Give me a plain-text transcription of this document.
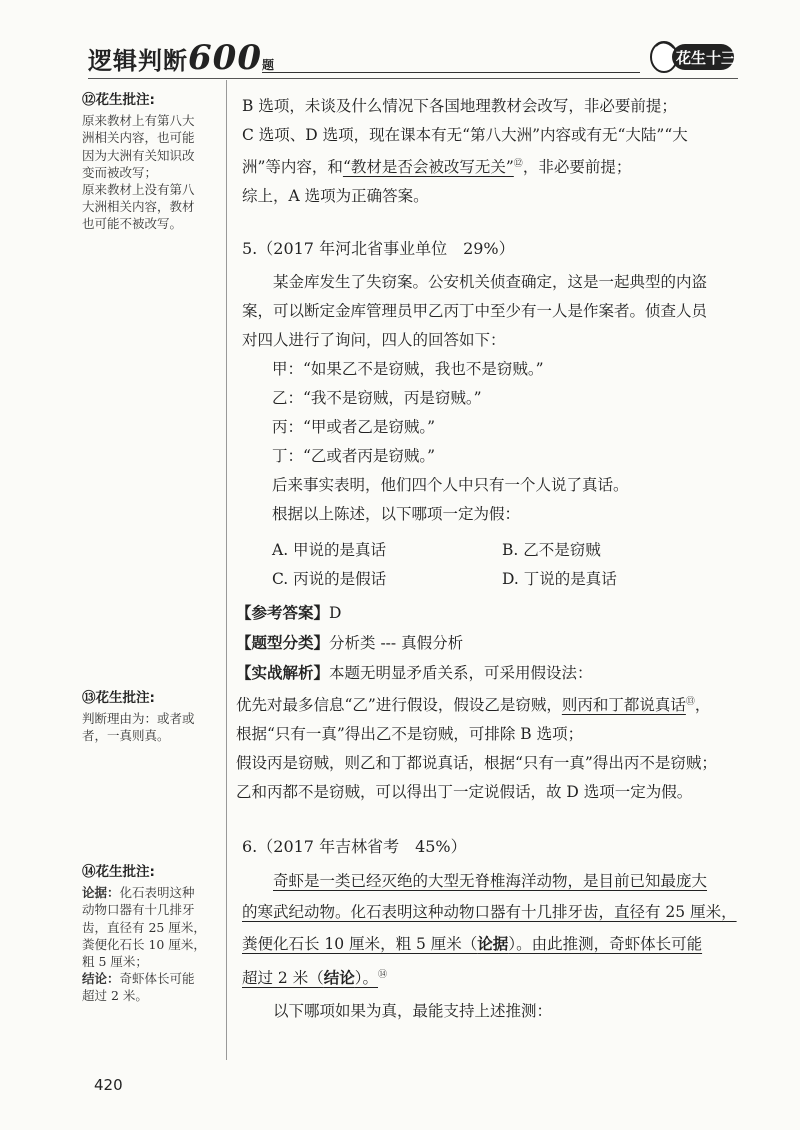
逻辑判断600题	花生十三
⑫花生批注:
原来教材上有第八大
洲相关内容，也可能
因为大洲有关知识改
变而被改写；
原来教材上没有第八
大洲相关内容，教材
也可能不被改写。
⑬花生批注:
判断理由为：或者或
者，一真则真。
⑭花生批注:
论据：化石表明这种
动物口器有十几排牙
齿，直径有 25 厘米，
粪便化石长 10 厘米，
粗 5 厘米；
结论：奇虾体长可能
超过 2 米。
B 选项，未谈及什么情况下各国地理教材会改写，非必要前提；
C 选项、D 选项，现在课本有无“第八大洲”内容或有无“大陆”“大
洲”等内容，和“教材是否会被改写无关”⑫，非必要前提；
综上，A 选项为正确答案。
5.（2017 年河北省事业单位　29%）
　　某金库发生了失窃案。公安机关侦查确定，这是一起典型的内盗
案，可以断定金库管理员甲乙丙丁中至少有一人是作案者。侦查人员
对四人进行了询问，四人的回答如下：
甲：“如果乙不是窃贼，我也不是窃贼。”
乙：“我不是窃贼，丙是窃贼。”
丙：“甲或者乙是窃贼。”
丁：“乙或者丙是窃贼。”
后来事实表明，他们四个人中只有一个人说了真话。
根据以上陈述，以下哪项一定为假：
A. 甲说的是真话	B. 乙不是窃贼
C. 丙说的是假话	D. 丁说的是真话
【参考答案】D
【题型分类】分析类 --- 真假分析
【实战解析】本题无明显矛盾关系，可采用假设法：
优先对最多信息“乙”进行假设，假设乙是窃贼，则丙和丁都说真话⑬，
根据“只有一真”得出乙不是窃贼，可排除 B 选项；
假设丙是窃贼，则乙和丁都说真话，根据“只有一真”得出丙不是窃贼；
乙和丙都不是窃贼，可以得出丁一定说假话，故 D 选项一定为假。
6.（2017 年吉林省考　45%）
奇虾是一类已经灭绝的大型无脊椎海洋动物，是目前已知最庞大
的寒武纪动物。化石表明这种动物口器有十几排牙齿，直径有 25 厘米，
粪便化石长 10 厘米，粗 5 厘米（论据）。由此推测，奇虾体长可能
超过 2 米（结论）。⑭
以下哪项如果为真，最能支持上述推测：
420
